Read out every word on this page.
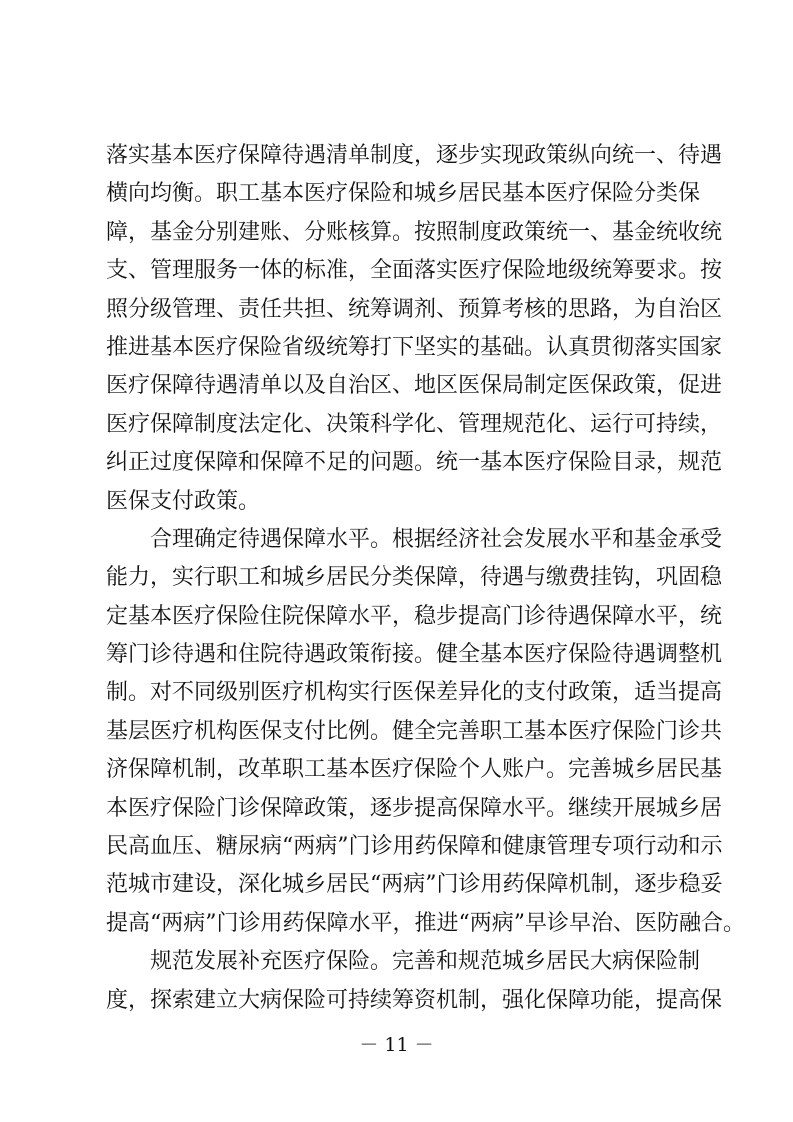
落实基本医疗保障待遇清单制度，逐步实现政策纵向统一、待遇
横向均衡。职工基本医疗保险和城乡居民基本医疗保险分类保
障，基金分别建账、分账核算。按照制度政策统一、基金统收统
支、管理服务一体的标准，全面落实医疗保险地级统筹要求。按
照分级管理、责任共担、统筹调剂、预算考核的思路，为自治区
推进基本医疗保险省级统筹打下坚实的基础。认真贯彻落实国家
医疗保障待遇清单以及自治区、地区医保局制定医保政策，促进
医疗保障制度法定化、决策科学化、管理规范化、运行可持续，
纠正过度保障和保障不足的问题。统一基本医疗保险目录，规范
医保支付政策。
　　合理确定待遇保障水平。根据经济社会发展水平和基金承受
能力，实行职工和城乡居民分类保障，待遇与缴费挂钩，巩固稳
定基本医疗保险住院保障水平，稳步提高门诊待遇保障水平，统
筹门诊待遇和住院待遇政策衔接。健全基本医疗保险待遇调整机
制。对不同级别医疗机构实行医保差异化的支付政策，适当提高
基层医疗机构医保支付比例。健全完善职工基本医疗保险门诊共
济保障机制，改革职工基本医疗保险个人账户。完善城乡居民基
本医疗保险门诊保障政策，逐步提高保障水平。继续开展城乡居
民高血压、糖尿病“两病”门诊用药保障和健康管理专项行动和示
范城市建设，深化城乡居民“两病”门诊用药保障机制，逐步稳妥
提高“两病”门诊用药保障水平，推进“两病”早诊早治、医防融合。
　　规范发展补充医疗保险。完善和规范城乡居民大病保险制
度，探索建立大病保险可持续筹资机制，强化保障功能，提高保
－ 11 －
